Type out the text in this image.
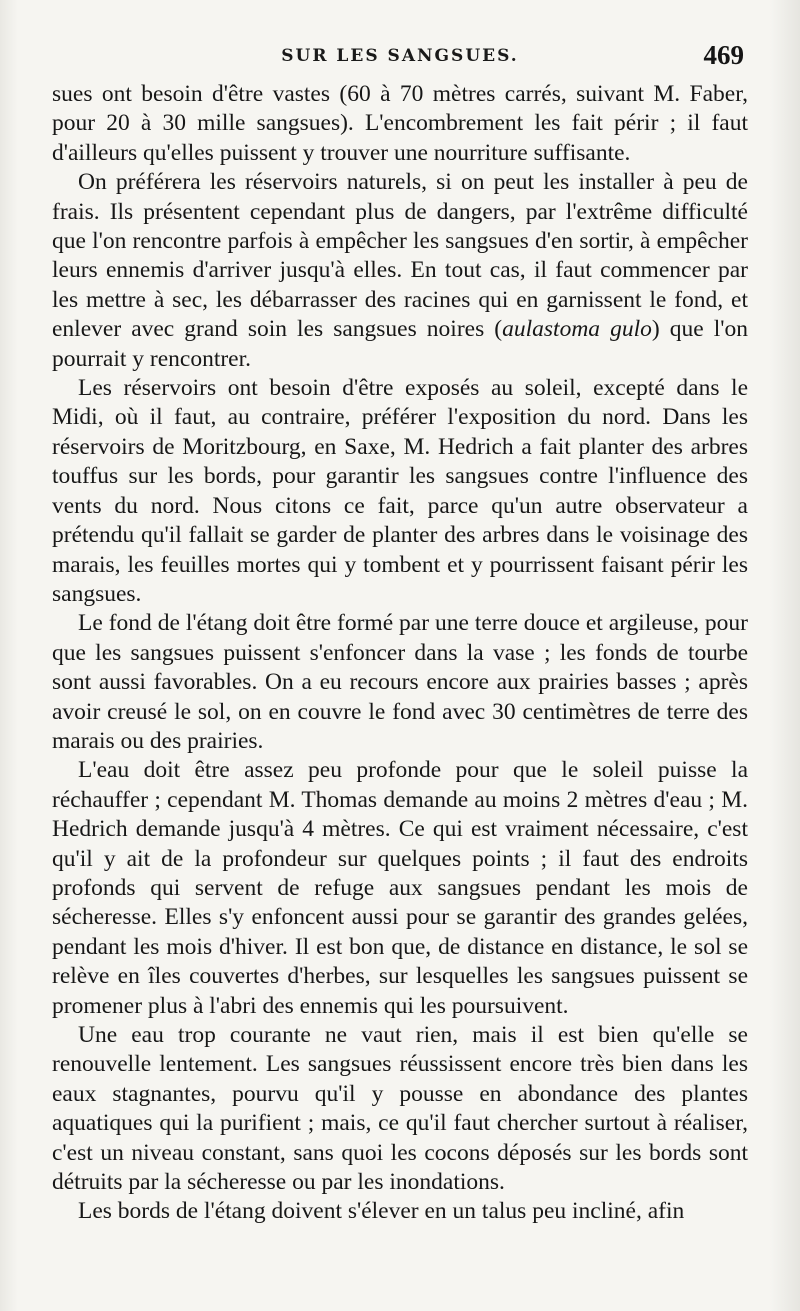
SUR LES SANGSUES.	469

sues ont besoin d'être vastes (60 à 70 mètres carrés, suivant M. Faber, pour 20 à 30 mille sangsues). L'encombrement les fait périr ; il faut d'ailleurs qu'elles puissent y trouver une nourriture suffisante.

On préférera les réservoirs naturels, si on peut les installer à peu de frais. Ils présentent cependant plus de dangers, par l'extrême difficulté que l'on rencontre parfois à empêcher les sangsues d'en sortir, à empêcher leurs ennemis d'arriver jusqu'à elles. En tout cas, il faut commencer par les mettre à sec, les débarrasser des racines qui en garnissent le fond, et enlever avec grand soin les sangsues noires (aulastoma gulo) que l'on pourrait y rencontrer.

Les réservoirs ont besoin d'être exposés au soleil, excepté dans le Midi, où il faut, au contraire, préférer l'exposition du nord. Dans les réservoirs de Moritzbourg, en Saxe, M. Hedrich a fait planter des arbres touffus sur les bords, pour garantir les sangsues contre l'influence des vents du nord. Nous citons ce fait, parce qu'un autre observateur a prétendu qu'il fallait se garder de planter des arbres dans le voisinage des marais, les feuilles mortes qui y tombent et y pourrissent faisant périr les sangsues.

Le fond de l'étang doit être formé par une terre douce et argileuse, pour que les sangsues puissent s'enfoncer dans la vase ; les fonds de tourbe sont aussi favorables. On a eu recours encore aux prairies basses ; après avoir creusé le sol, on en couvre le fond avec 30 centimètres de terre des marais ou des prairies.

L'eau doit être assez peu profonde pour que le soleil puisse la réchauffer ; cependant M. Thomas demande au moins 2 mètres d'eau ; M. Hedrich demande jusqu'à 4 mètres. Ce qui est vraiment nécessaire, c'est qu'il y ait de la profondeur sur quelques points ; il faut des endroits profonds qui servent de refuge aux sangsues pendant les mois de sécheresse. Elles s'y enfoncent aussi pour se garantir des grandes gelées, pendant les mois d'hiver. Il est bon que, de distance en distance, le sol se relève en îles couvertes d'herbes, sur lesquelles les sangsues puissent se promener plus à l'abri des ennemis qui les poursuivent.

Une eau trop courante ne vaut rien, mais il est bien qu'elle se renouvelle lentement. Les sangsues réussissent encore très bien dans les eaux stagnantes, pourvu qu'il y pousse en abondance des plantes aquatiques qui la purifient ; mais, ce qu'il faut chercher surtout à réaliser, c'est un niveau constant, sans quoi les cocons déposés sur les bords sont détruits par la sécheresse ou par les inondations.

Les bords de l'étang doivent s'élever en un talus peu incliné, afin
